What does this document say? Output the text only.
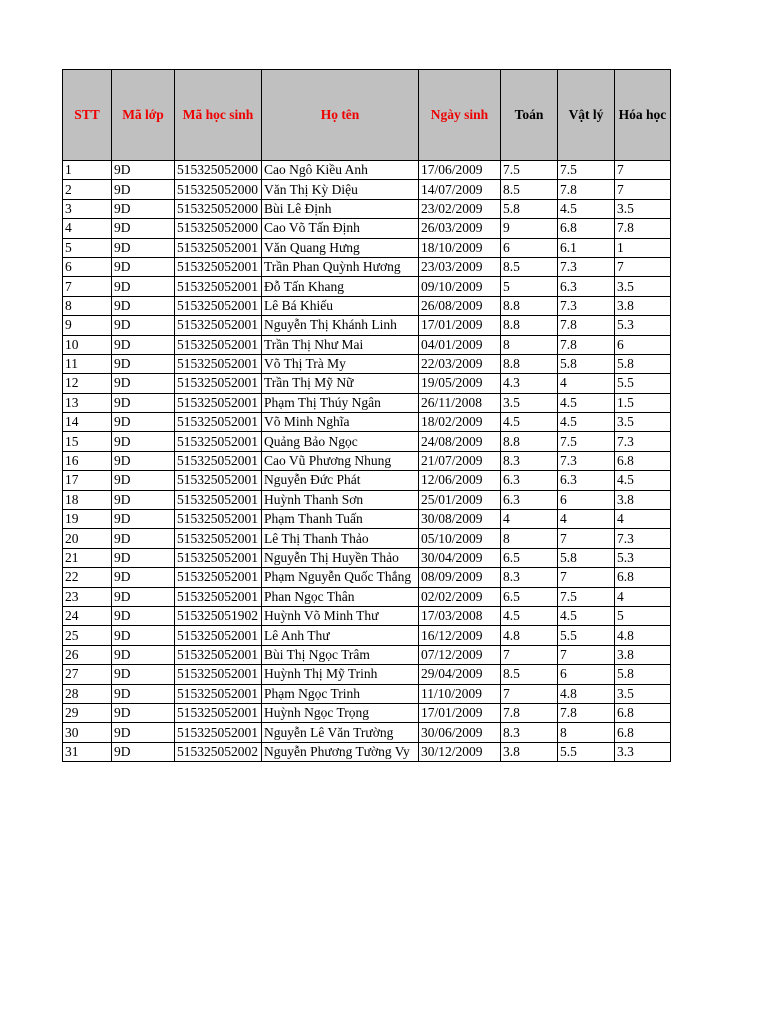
STT	Mã lớp	Mã học sinh	Họ tên	Ngày sinh	Toán	Vật lý	Hóa học
1	9D	515325052000	Cao Ngô Kiều Anh	17/06/2009	7.5	7.5	7
2	9D	515325052000	Văn Thị Kỳ Diệu	14/07/2009	8.5	7.8	7
3	9D	515325052000	Bùi Lê Định	23/02/2009	5.8	4.5	3.5
4	9D	515325052000	Cao Võ Tấn Định	26/03/2009	9	6.8	7.8
5	9D	515325052001	Văn Quang Hưng	18/10/2009	6	6.1	1
6	9D	515325052001	Trần Phan Quỳnh Hương	23/03/2009	8.5	7.3	7
7	9D	515325052001	Đỗ Tấn Khang	09/10/2009	5	6.3	3.5
8	9D	515325052001	Lê Bá Khiếu	26/08/2009	8.8	7.3	3.8
9	9D	515325052001	Nguyễn Thị Khánh Linh	17/01/2009	8.8	7.8	5.3
10	9D	515325052001	Trần Thị Như Mai	04/01/2009	8	7.8	6
11	9D	515325052001	Võ Thị Trà My	22/03/2009	8.8	5.8	5.8
12	9D	515325052001	Trần Thị Mỹ Nữ	19/05/2009	4.3	4	5.5
13	9D	515325052001	Phạm Thị Thúy Ngân	26/11/2008	3.5	4.5	1.5
14	9D	515325052001	Võ Minh Nghĩa	18/02/2009	4.5	4.5	3.5
15	9D	515325052001	Quảng Bảo Ngọc	24/08/2009	8.8	7.5	7.3
16	9D	515325052001	Cao Vũ Phương Nhung	21/07/2009	8.3	7.3	6.8
17	9D	515325052001	Nguyễn Đức Phát	12/06/2009	6.3	6.3	4.5
18	9D	515325052001	Huỳnh Thanh Sơn	25/01/2009	6.3	6	3.8
19	9D	515325052001	Phạm Thanh Tuấn	30/08/2009	4	4	4
20	9D	515325052001	Lê Thị Thanh Thảo	05/10/2009	8	7	7.3
21	9D	515325052001	Nguyễn Thị Huyền Thảo	30/04/2009	6.5	5.8	5.3
22	9D	515325052001	Phạm Nguyễn Quốc Thắng	08/09/2009	8.3	7	6.8
23	9D	515325052001	Phan Ngọc Thân	02/02/2009	6.5	7.5	4
24	9D	515325051902	Huỳnh Võ Minh Thư	17/03/2008	4.5	4.5	5
25	9D	515325052001	Lê Anh Thư	16/12/2009	4.8	5.5	4.8
26	9D	515325052001	Bùi Thị Ngọc Trâm	07/12/2009	7	7	3.8
27	9D	515325052001	Huỳnh Thị Mỹ Trinh	29/04/2009	8.5	6	5.8
28	9D	515325052001	Phạm Ngọc Trinh	11/10/2009	7	4.8	3.5
29	9D	515325052001	Huỳnh Ngọc Trọng	17/01/2009	7.8	7.8	6.8
30	9D	515325052001	Nguyễn Lê Văn Trường	30/06/2009	8.3	8	6.8
31	9D	515325052002	Nguyễn Phương Tường Vy	30/12/2009	3.8	5.5	3.3
